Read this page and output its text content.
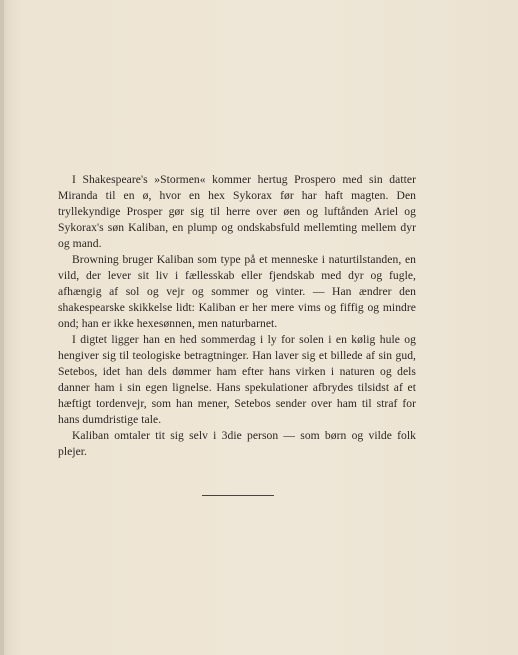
I Shakespeare's »Stormen« kommer hertug Prospero med sin datter Miranda til en ø, hvor en hex Sykorax før har haft magten. Den tryllekyndige Prosper gør sig til herre over øen og luftånden Ariel og Sykorax's søn Kaliban, en plump og ondskabsfuld mellemting mellem dyr og mand.

Browning bruger Kaliban som type på et menneske i naturtilstanden, en vild, der lever sit liv i fællesskab eller fjendskab med dyr og fugle, afhængig af sol og vejr og sommer og vinter. — Han ændrer den shakespearske skikkelse lidt: Kaliban er her mere vims og fiffig og mindre ond; han er ikke hexesønnen, men naturbarnet.

I digtet ligger han en hed sommerdag i ly for solen i en kølig hule og hengiver sig til teologiske betragtninger. Han laver sig et billede af sin gud, Setebos, idet han dels dømmer ham efter hans virken i naturen og dels danner ham i sin egen lignelse. Hans spekulationer afbrydes tilsidst af et hæftigt tordenvejr, som han mener, Setebos sender over ham til straf for hans dumdristige tale.

Kaliban omtaler tit sig selv i 3die person — som børn og vilde folk plejer.
